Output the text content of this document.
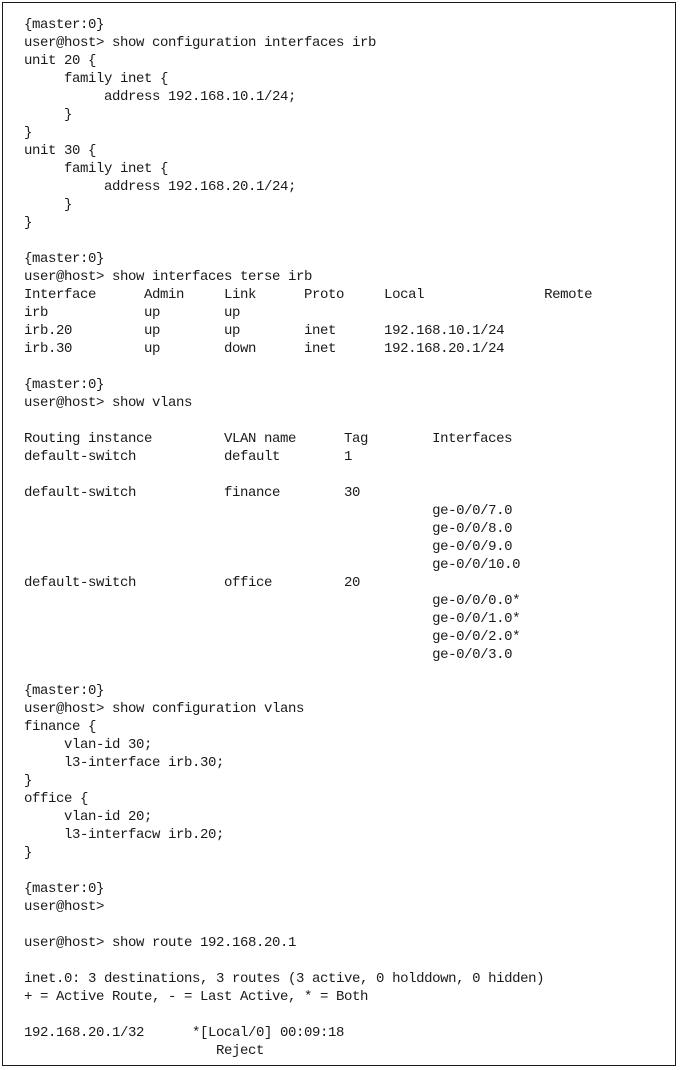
{master:0}
user@host> show configuration interfaces irb
unit 20 {
family inet {
address 192.168.10.1/24;
}
}
unit 30 {
family inet {
address 192.168.20.1/24;
}
}
{master:0}
user@host> show interfaces terse irb
Interface      Admin     Link      Proto     Local               Remote
irb            up        up
irb.20         up        up        inet      192.168.10.1/24
irb.30         up        down      inet      192.168.20.1/24
{master:0}
user@host> show vlans
Routing instance         VLAN name      Tag        Interfaces
default-switch           default        1
default-switch           finance        30
ge-0/0/7.0
ge-0/0/8.0
ge-0/0/9.0
ge-0/0/10.0
default-switch           office         20
ge-0/0/0.0*
ge-0/0/1.0*
ge-0/0/2.0*
ge-0/0/3.0
{master:0}
user@host> show configuration vlans
finance {
vlan-id 30;
l3-interface irb.30;
}
office {
vlan-id 20;
l3-interfacw irb.20;
}
{master:0}
user@host>
user@host> show route 192.168.20.1
inet.0: 3 destinations, 3 routes (3 active, 0 holddown, 0 hidden)
+ = Active Route, - = Last Active, * = Both
192.168.20.1/32      *[Local/0] 00:09:18
Reject
